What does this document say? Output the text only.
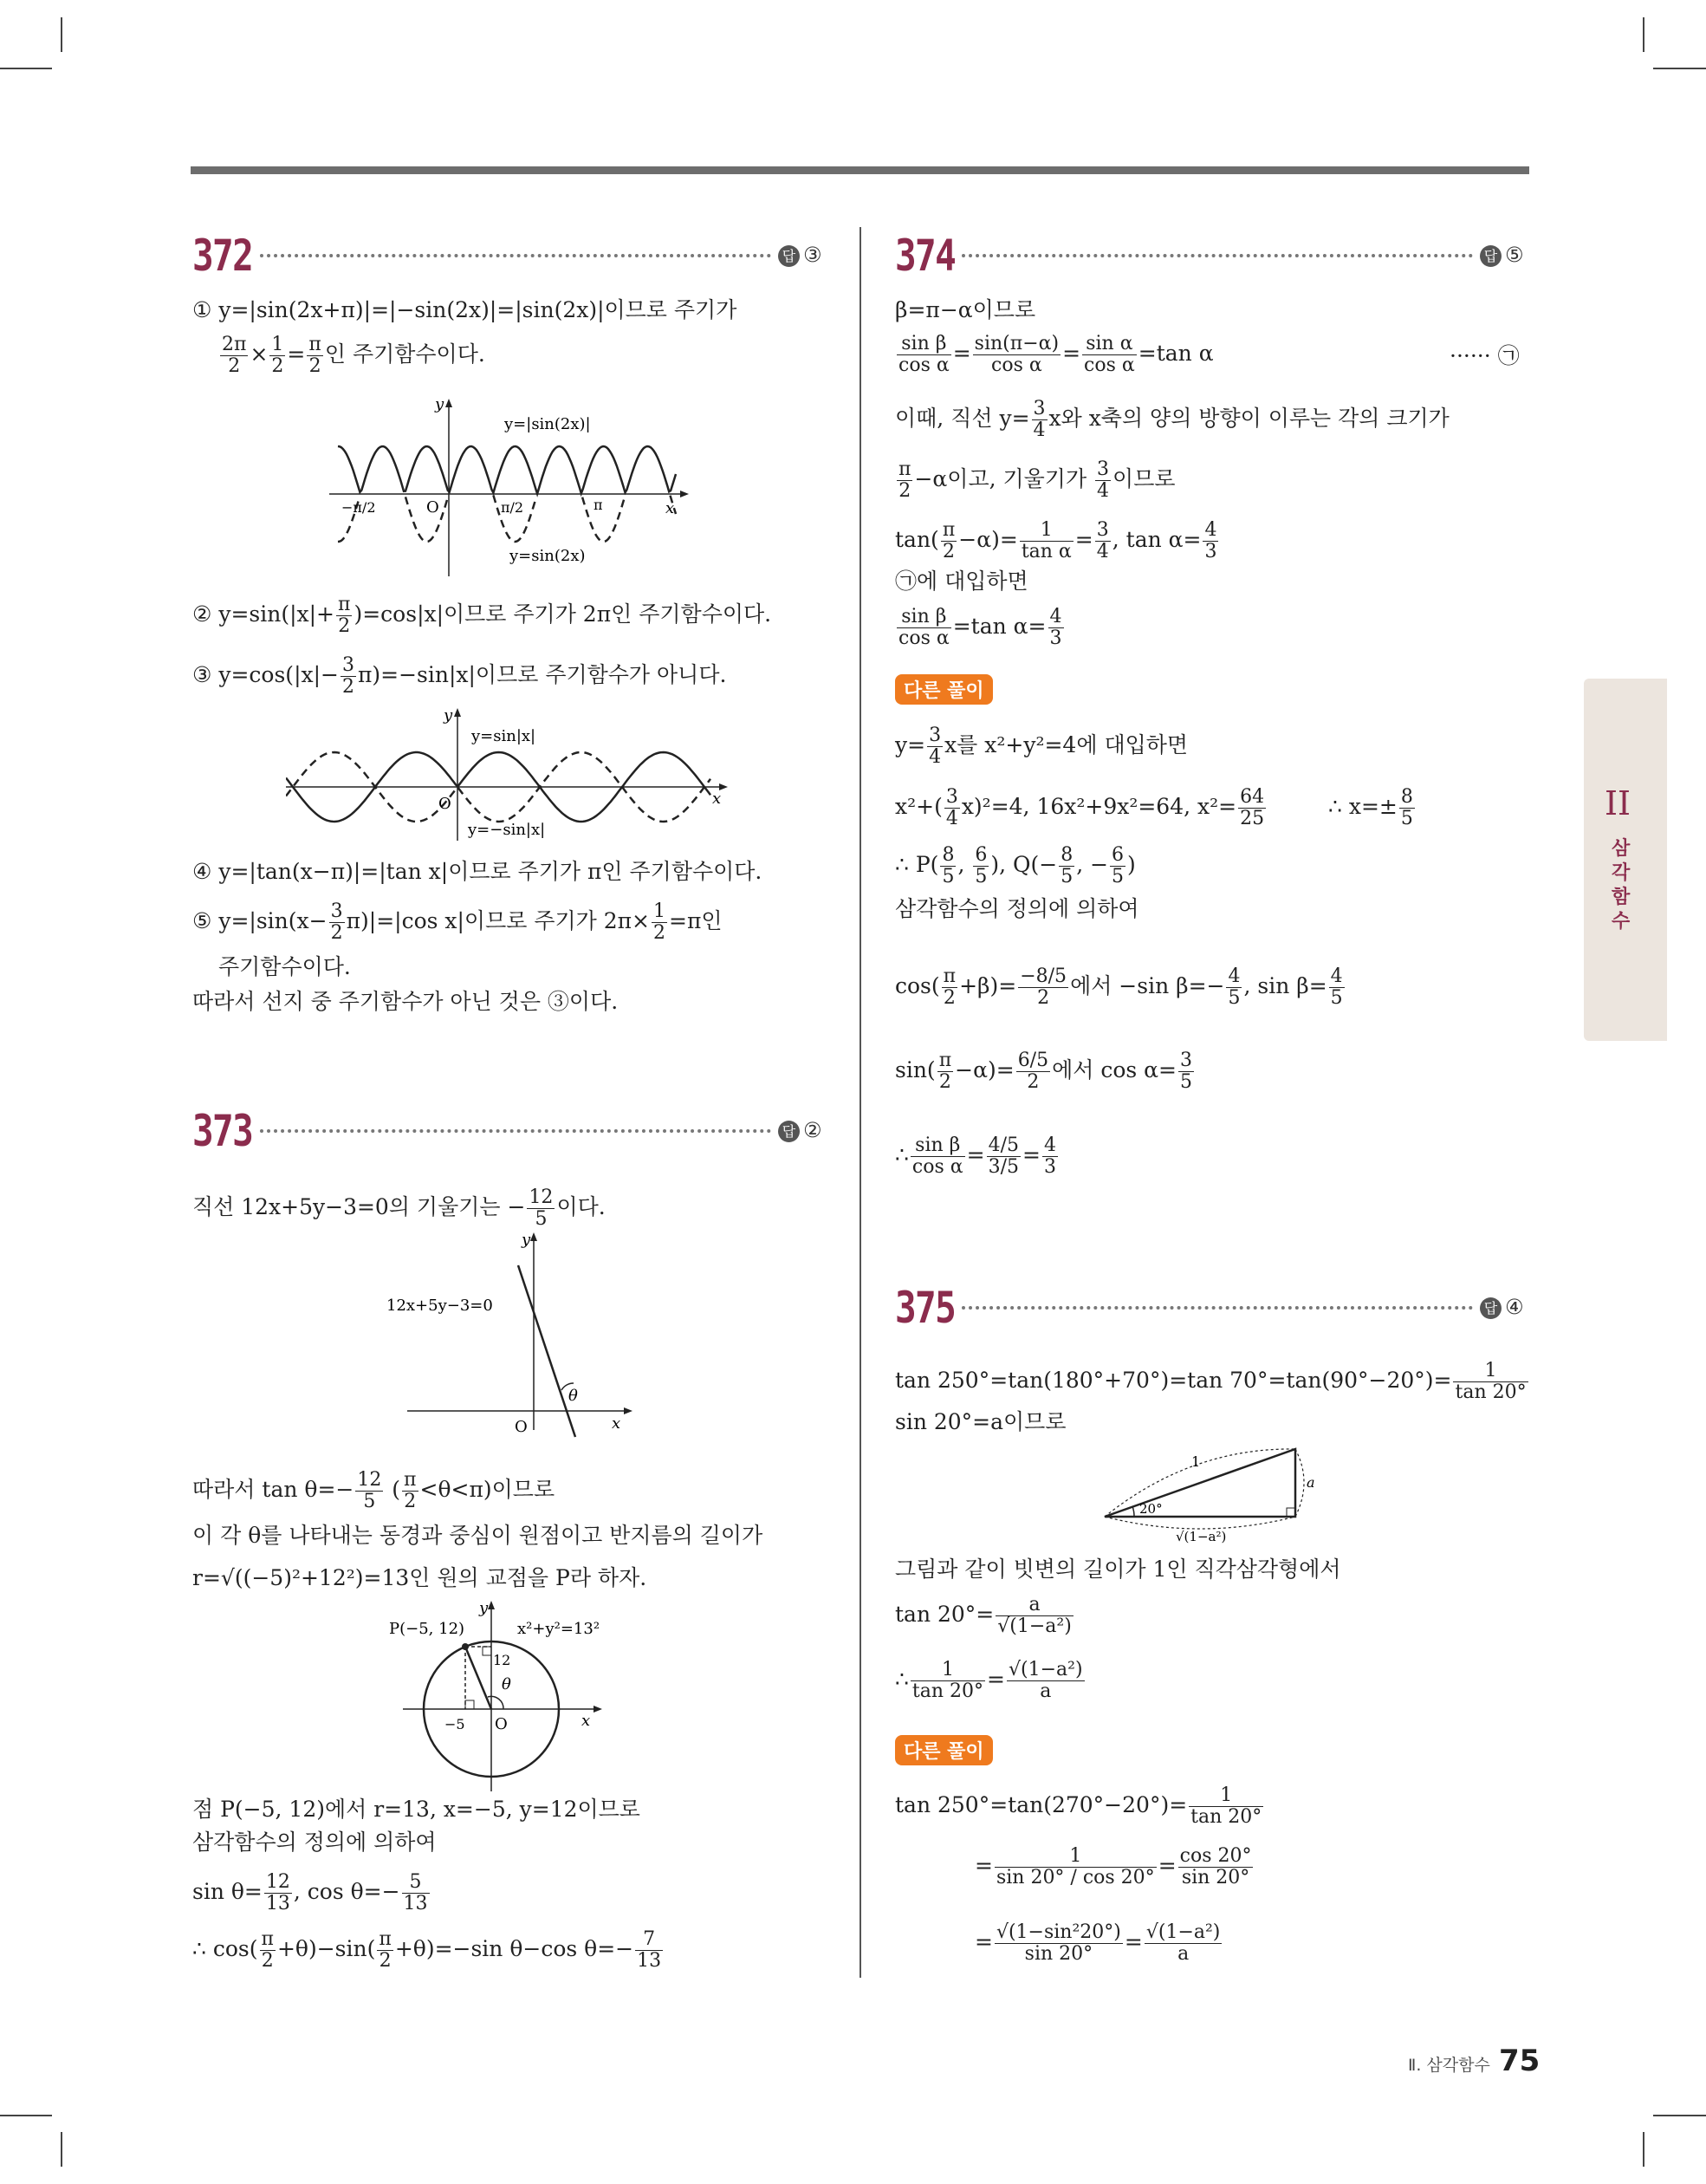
372	답 ③
① y=|sin(2x+π)|=|−sin(2x)|=|sin(2x)|이므로 주기가
$\frac{2\pi}{2} \times \frac{1}{2} = \frac{\pi}{2}$ 인 주기함수이다.
y
x
O
y=|sin(2x)|
y=sin(2x)
−π/2	π/2	π
② $y=\sin(|x|+ \frac{\pi}{2} )=\cos|x|$이므로 주기가 2π인 주기함수이다.
③ $y=\cos(|x|- \frac{3}{2} \pi)=-\sin|x|$이므로 주기함수가 아니다.
y
x
O
y=sin|x|
y=−sin|x|
④ y=|tan(x−π)|=|tan x|이므로 주기가 π인 주기함수이다.
⑤ $y=|\sin(x- \frac{3}{2} \pi)|=|\cos$ x|이므로 주기가 $2\pi\times \frac{1}{2} =\pi$인
주기함수이다.
따라서 선지 중 주기함수가 아닌 것은 ③이다.
373	답 ②
직선 12x+5y−3=0의 기울기는 − $\frac{12}{5}$ 이다.
12x+5y−3=0
θ
y
x
O
따라서 $\tan \theta=- \frac{12}{5}$ ( $\frac{\pi}{2} <\theta<\pi$)이므로
이 각 θ를 나타내는 동경과 중심이 원점이고 반지름의 길이가
r=√((−5)²+12²)=13인 원의 교점을 P라 하자.
P(−5, 12)	x²+y²=13²
12
−5
θ
O
y
x
점 P(−5, 12)에서 r=13, x=−5, y=12이므로
삼각함수의 정의에 의하여
$\sin \theta= \frac{12}{13}$ , $\cos \theta=- \frac{5}{13}$
∴ $\cos( \frac{\pi}{2} +\theta)-\sin( \frac{\pi}{2} +\theta)=-\sin$ θ−cos $\theta=- \frac{7}{13}$
374	답 ⑤
β=π−α이므로
$\frac{\text{sin β}}{\text{cos α}} = \frac{\sin(\pi-\alpha)}{\text{cos α}} = \frac{\text{sin α}}{\text{cos α}} =\tan$ α	······ ㉠
이때, 직선 $y= \frac{3}{4}$ x와 x축의 양의 방향이 이루는 각의 크기가
$\frac{\pi}{2} -\alpha$이고, 기울기가 $\frac{3}{4}$ 이므로
$\tan( \frac{\pi}{2} -\alpha)= \frac{1}{\text{tan α}} = \frac{3}{4}$ , $\tan \alpha= \frac{4}{3}$
㉠에 대입하면
$\frac{\text{sin β}}{\text{cos α}} =\tan$ $\alpha= \frac{4}{3}$
다른 풀이
$y= \frac{3}{4}$ x를 x²+y²=4에 대입하면
$x^2+( \frac{3}{4} x)^2=4$, 16x²+9x²=64, $x^2= \frac{64}{25}$	∴ $x=\pm \frac{8}{5}$
∴ $P( \frac{8}{5}$ , $\frac{6}{5}$ ), $Q(- \frac{8}{5}$ , − $\frac{6}{5}$ )
삼각함수의 정의에 의하여
$\cos( \frac{\pi}{2} +\beta)= \frac{-8/5}{2}$ 에서 −sin $\beta=- \frac{4}{5}$ , $\sin \beta= \frac{4}{5}$
$\sin( \frac{\pi}{2} -\alpha)= \frac{6/5}{2}$ 에서 $\cos \alpha= \frac{3}{5}$
∴ $\frac{\text{sin β}}{\text{cos α}} = \frac{4/5}{3/5} = \frac{4}{3}$
375	답 ④
tan 250°=tan(180°+70°)=tan $70^\circ=\tan(90^\circ-20^\circ)= \frac{1}{\tan 20^\circ}$
sin 20°=a이므로
1
a
20°
√(1−a²)
그림과 같이 빗변의 길이가 1인 직각삼각형에서
$\tan 20^\circ= \frac{a}{\text{√(1−a²)}}$
∴ $\frac{1}{\tan 20^\circ} = \frac{\text{√(1−a²)}}{a}$
다른 풀이
$\tan 250^\circ=\tan(270^\circ-20^\circ)= \frac{1}{\tan 20^\circ}$
= $\frac{1}{\sin 20^\circ / \cos 20^\circ} = \frac{\cos 20^\circ}{\sin 20^\circ}$
= $\frac{\text{√(1−sin²20°)}}{\sin 20^\circ} = \frac{\text{√(1−a²)}}{a}$
II
삼
각
함
수
Ⅱ. 삼각함수 75
